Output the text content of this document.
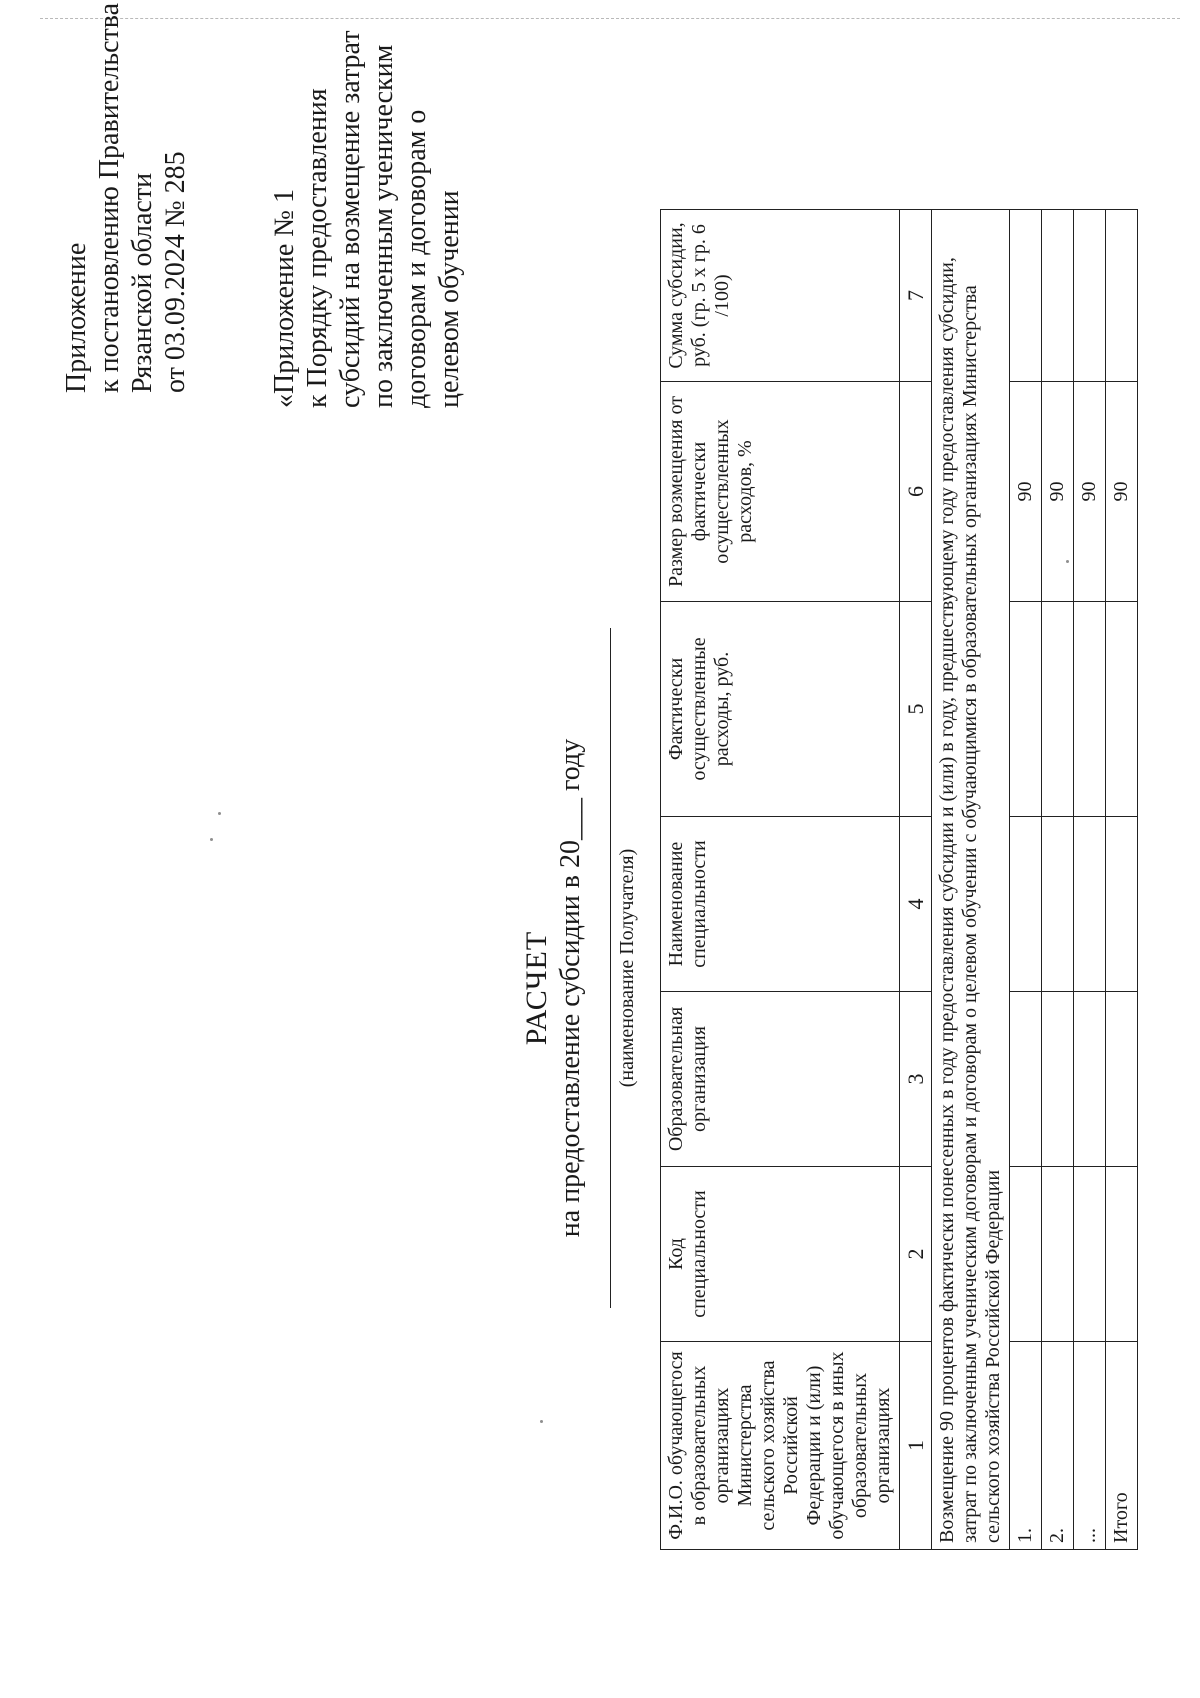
Приложение к постановлению Правительства Рязанской области от 03.09.2024 № 285	«Приложение № 1 к Порядку предоставления субсидий на возмещение затрат по заключенным ученическим договорам и договорам о целевом обучении
РАСЧЕТ на предоставление субсидии в 20___ году (наименование Получателя)
Ф.И.О. обучающегося в образовательных организациях Министерства сельского хозяйства Российской Федерации и (или) обучающегося в иных образовательных организациях	Код специальности	Образовательная организация	Наименование специальности	Фактически осуществленные расходы, руб.	Размер возмещения от фактически осуществленных расходов, %	Сумма субсидии, руб. (гр. 5 х гр. 6 /100)
1	2	3	4	5	6	7
Возмещение 90 процентов фактически понесенных в году предоставления субсидии и (или) в году, предшествующему году предоставления субсидии, затрат по заключенным ученическим договорам и договорам о целевом обучении с обучающимися в образовательных организациях Министерства сельского хозяйства Российской Федерации						
1.					90	
2.					90	
...					90	
Итого					90	
